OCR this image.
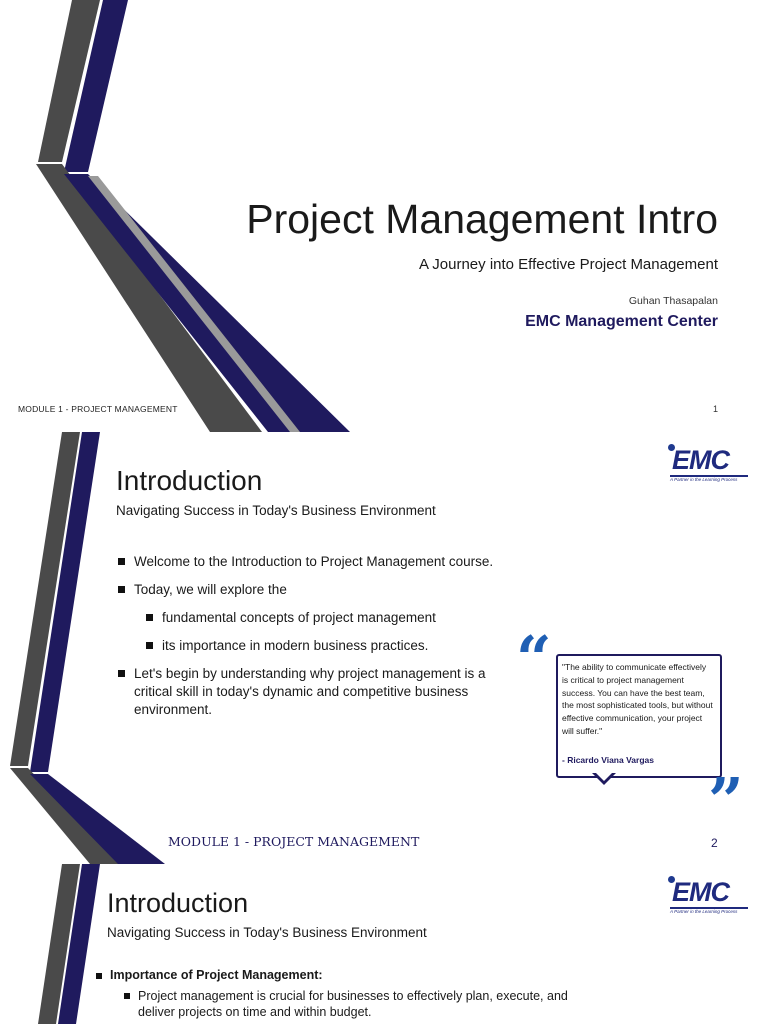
Project Management Intro
A Journey into Effective Project Management
Guhan Thasapalan
EMC Management Center
MODULE 1 - PROJECT MANAGEMENT	1
EMC
A Partner in the Learning Process
Introduction
Navigating Success in Today's Business Environment
Welcome to the Introduction to Project Management course.
Today, we will explore the
fundamental concepts of project management
its importance in modern business practices.
Let's begin by understanding why project management is a critical skill in today's dynamic and competitive business environment.
“ "The ability to communicate effectively is critical to project management success. You can have the best team, the most sophisticated tools, but without effective communication, your project will suffer."
- Ricardo Viana Vargas
”
MODULE 1 - PROJECT MANAGEMENT	2
EMC
A Partner in the Learning Process
Introduction
Navigating Success in Today's Business Environment
Importance of Project Management:
Project management is crucial for businesses to effectively plan, execute, and deliver projects on time and within budget.
